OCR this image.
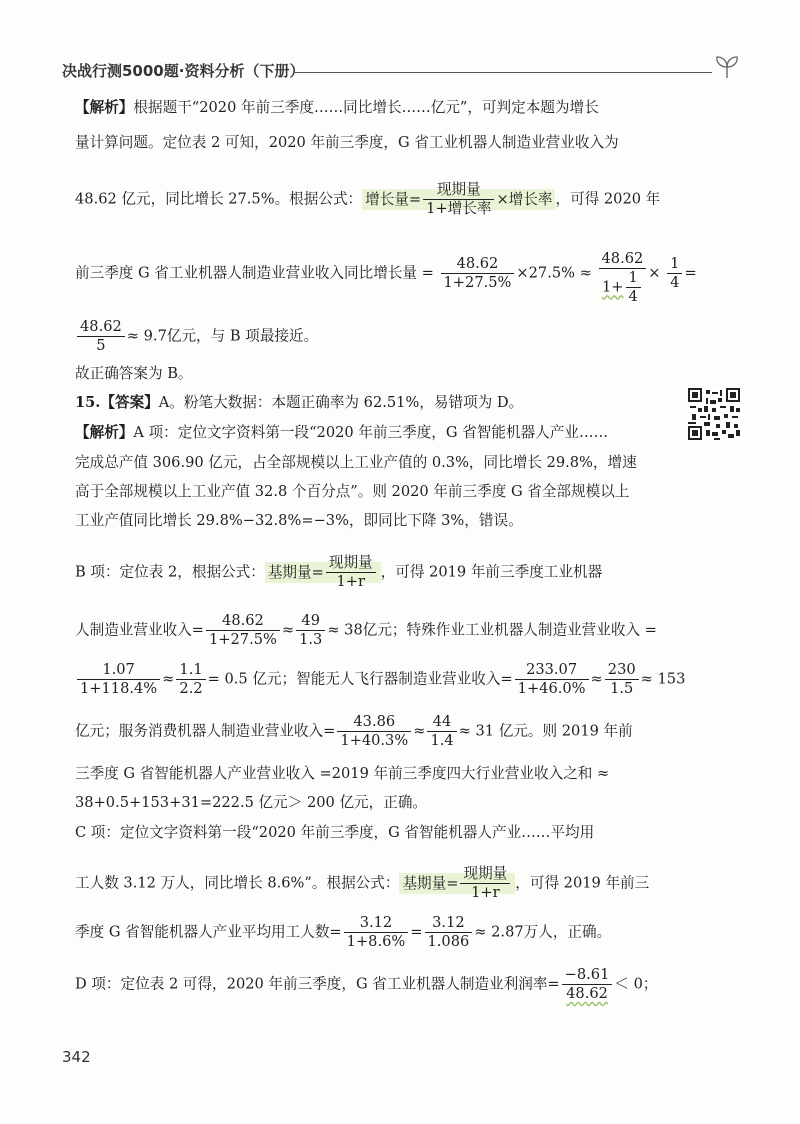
决战行测5000题·资料分析（下册）
【解析】根据题干“2020 年前三季度……同比增长……亿元”，可判定本题为增长
量计算问题。定位表 2 可知，2020 年前三季度，G 省工业机器人制造业营业收入为
48.62 亿元，同比增长 27.5%。根据公式： 增长量= $\frac{\text{现期量}}{\text{1+增长率}}$ ×增长率 ，可得 2020 年
前三季度 G 省工业机器人制造业营业收入同比增长量 = $\frac{48.62}{1+27.5\%} \times 27.5\% \approx \frac{48.62}{1+ \frac{1}{4}} \times \frac{1}{4}$ =
$\frac{48.62}{5} \approx 9.7$亿元，与 B 项最接近。
故正确答案为 B。
15.【答案】A。粉笔大数据：本题正确率为 62.51%，易错项为 D。
【解析】A 项：定位文字资料第一段“2020 年前三季度，G 省智能机器人产业……
完成总产值 306.90 亿元，占全部规模以上工业产值的 0.3%，同比增长 29.8%，增速
高于全部规模以上工业产值 32.8 个百分点”。则 2020 年前三季度 G 省全部规模以上
工业产值同比增长 29.8%−32.8%=−3%，即同比下降 3%，错误。
B 项：定位表 2，根据公式： 基期量= $\frac{\text{现期量}}{1+r}$ ，可得 2019 年前三季度工业机器
人制造业营业收入= $\frac{48.62}{1+27.5\%} \approx \frac{49}{1.3} \approx 38$亿元；特殊作业工业机器人制造业营业收入 =
$\frac{1.07}{1+118.4\%} \approx \frac{1.1}{2.2} = 0.5$ 亿元；智能无人飞行器制造业营业收入= $\frac{233.07}{1+46.0\%} \approx \frac{230}{1.5} \approx 153$
亿元；服务消费机器人制造业营业收入= $\frac{43.86}{1+40.3\%} \approx \frac{44}{1.4} \approx 31$ 亿元。则 2019 年前
三季度 G 省智能机器人产业营业收入 =2019 年前三季度四大行业营业收入之和 ≈
38+0.5+153+31=222.5 亿元＞ 200 亿元，正确。
C 项：定位文字资料第一段“2020 年前三季度，G 省智能机器人产业……平均用
工人数 3.12 万人，同比增长 8.6%”。根据公式： 基期量= $\frac{\text{现期量}}{1+r}$ ，可得 2019 年前三
季度 G 省智能机器人产业平均用工人数= $\frac{3.12}{1+8.6\%} = \frac{3.12}{1.086} \approx 2.87$万人，正确。
D 项：定位表 2 可得，2020 年前三季度，G 省工业机器人制造业利润率= $\frac{-8.61}{48.62} < 0$；
342
